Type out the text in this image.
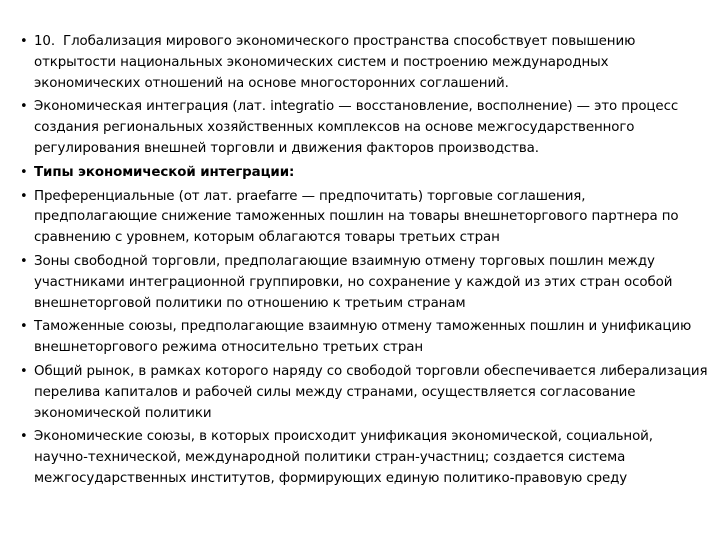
• 10. Глобализация мирового экономического пространства способствует повышению открытости национальных экономических систем и построению международных экономических отношений на основе многосторонних соглашений.
• Экономическая интеграция (лат. integratio — восстановление, восполнение) — это процесс создания региональных хозяйственных комплексов на основе межгосударственного регулирования внешней торговли и движения факторов производства.
• Типы экономической интеграции:
• Преференциальные (от лат. praefarre — предпочитать) торговые соглашения, предполагающие снижение таможенных пошлин на товары внешнеторгового партнера по сравнению с уровнем, которым облагаются товары третьих стран
• Зоны свободной торговли, предполагающие взаимную отмену торговых пошлин между участниками интеграционной группировки, но сохранение у каждой из этих стран особой внешнеторговой политики по отношению к третьим странам
• Таможенные союзы, предполагающие взаимную отмену таможенных пошлин и унификацию внешнеторгового режима относительно третьих стран
• Общий рынок, в рамках которого наряду со свободой торговли обеспечивается либерализация перелива капиталов и рабочей силы между странами, осуществляется согласование экономической политики
• Экономические союзы, в которых происходит унификация экономической, социальной, научно-технической, международной политики стран-участниц; создается система межгосударственных институтов, формирующих единую политико-правовую среду
